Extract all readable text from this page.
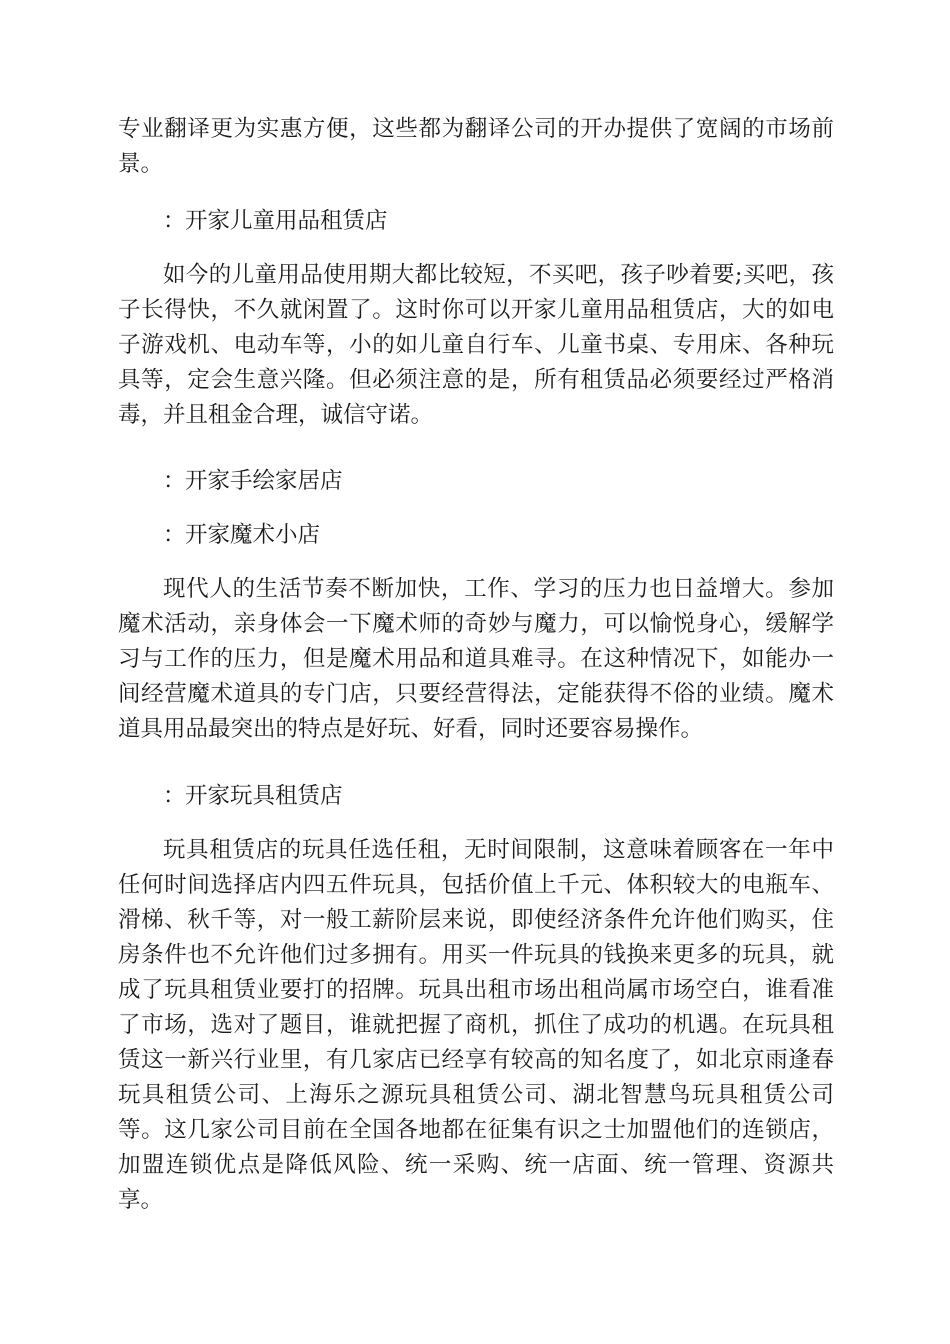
专业翻译更为实惠方便，这些都为翻译公司的开办提供了宽阔的市场前景。

：开家儿童用品租赁店

如今的儿童用品使用期大都比较短，不买吧，孩子吵着要;买吧，孩子长得快，不久就闲置了。这时你可以开家儿童用品租赁店，大的如电子游戏机、电动车等，小的如儿童自行车、儿童书桌、专用床、各种玩具等，定会生意兴隆。但必须注意的是，所有租赁品必须要经过严格消毒，并且租金合理，诚信守诺。

：开家手绘家居店
：开家魔术小店

现代人的生活节奏不断加快，工作、学习的压力也日益增大。参加魔术活动，亲身体会一下魔术师的奇妙与魔力，可以愉悦身心，缓解学习与工作的压力，但是魔术用品和道具难寻。在这种情况下，如能办一间经营魔术道具的专门店，只要经营得法，定能获得不俗的业绩。魔术道具用品最突出的特点是好玩、好看，同时还要容易操作。

：开家玩具租赁店

玩具租赁店的玩具任选任租，无时间限制，这意味着顾客在一年中任何时间选择店内四五件玩具，包括价值上千元、体积较大的电瓶车、滑梯、秋千等，对一般工薪阶层来说，即使经济条件允许他们购买，住房条件也不允许他们过多拥有。用买一件玩具的钱换来更多的玩具，就成了玩具租赁业要打的招牌。玩具出租市场出租尚属市场空白，谁看准了市场，选对了题目，谁就把握了商机，抓住了成功的机遇。在玩具租赁这一新兴行业里，有几家店已经享有较高的知名度了，如北京雨逢春玩具租赁公司、上海乐之源玩具租赁公司、湖北智慧鸟玩具租赁公司等。这几家公司目前在全国各地都在征集有识之士加盟他们的连锁店，加盟连锁优点是降低风险、统一采购、统一店面、统一管理、资源共享。
